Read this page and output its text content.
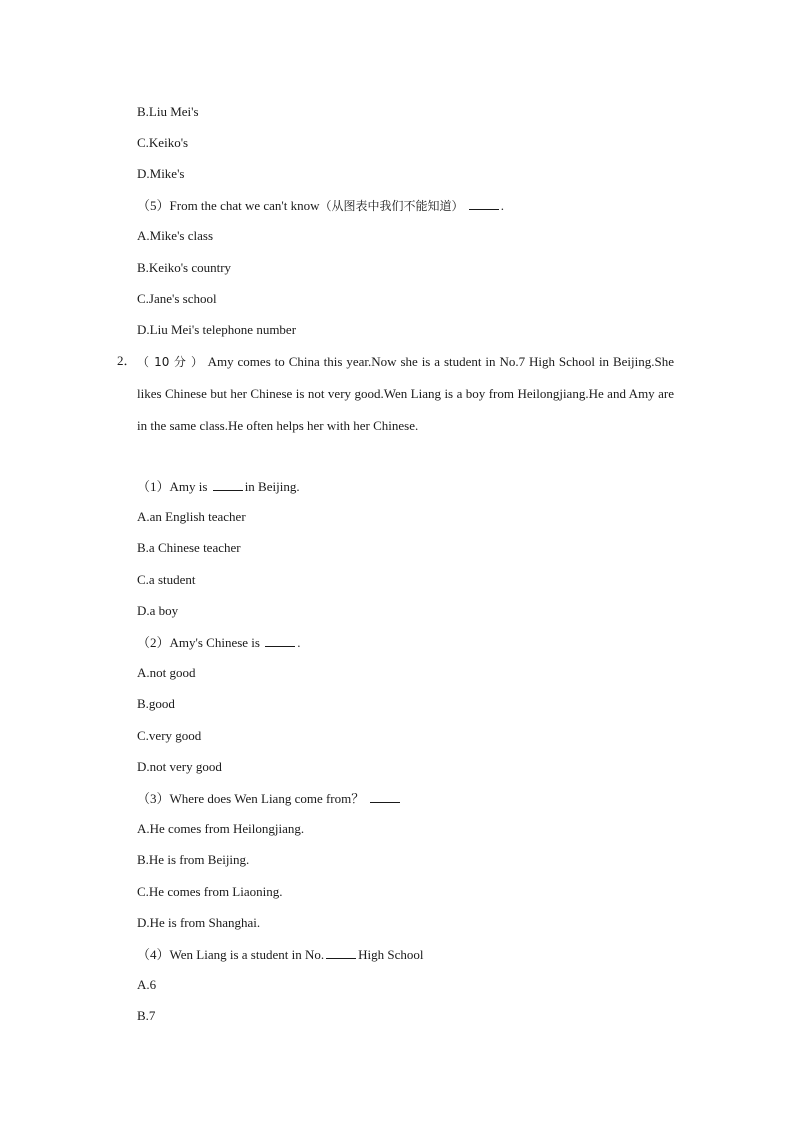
B.Liu Mei's
C.Keiko's
D.Mike's
（5）From the chat we can't know（从图表中我们不能知道）	.
A.Mike's class
B.Keiko's country
C.Jane's school
D.Liu Mei's telephone number
2． （ 10 分 ） Amy comes to China this year.Now she is a student in No.7 High School in Beijing.She likes Chinese but her Chinese is not very good.Wen Liang is a boy from Heilongjiang.He and Amy are in the same class.He often helps her with her Chinese.
（1）Amy is	in Beijing.
A.an English teacher
B.a Chinese teacher
C.a student
D.a boy
（2）Amy's Chinese is	.
A.not good
B.good
C.very good
D.not very good
（3）Where does Wen Liang come from？
A.He comes from Heilongjiang.
B.He is from Beijing.
C.He comes from Liaoning.
D.He is from Shanghai.
（4）Wen Liang is a student in No.	High School
A.6
B.7
